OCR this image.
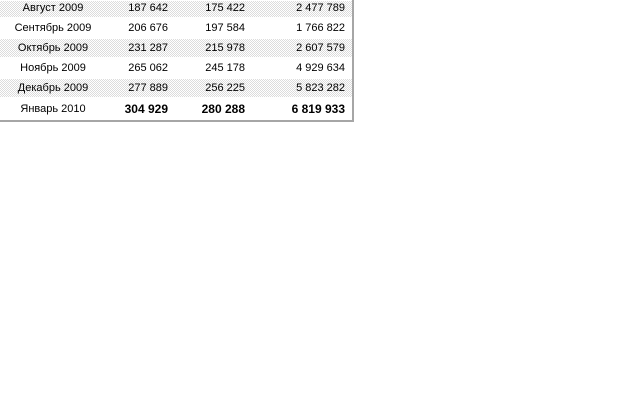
Август 2009	187 642	175 422	2 477 789
Сентябрь 2009	206 676	197 584	1 766 822
Октябрь 2009	231 287	215 978	2 607 579
Ноябрь 2009	265 062	245 178	4 929 634
Декабрь 2009	277 889	256 225	5 823 282
Январь 2010	304 929	280 288	6 819 933
